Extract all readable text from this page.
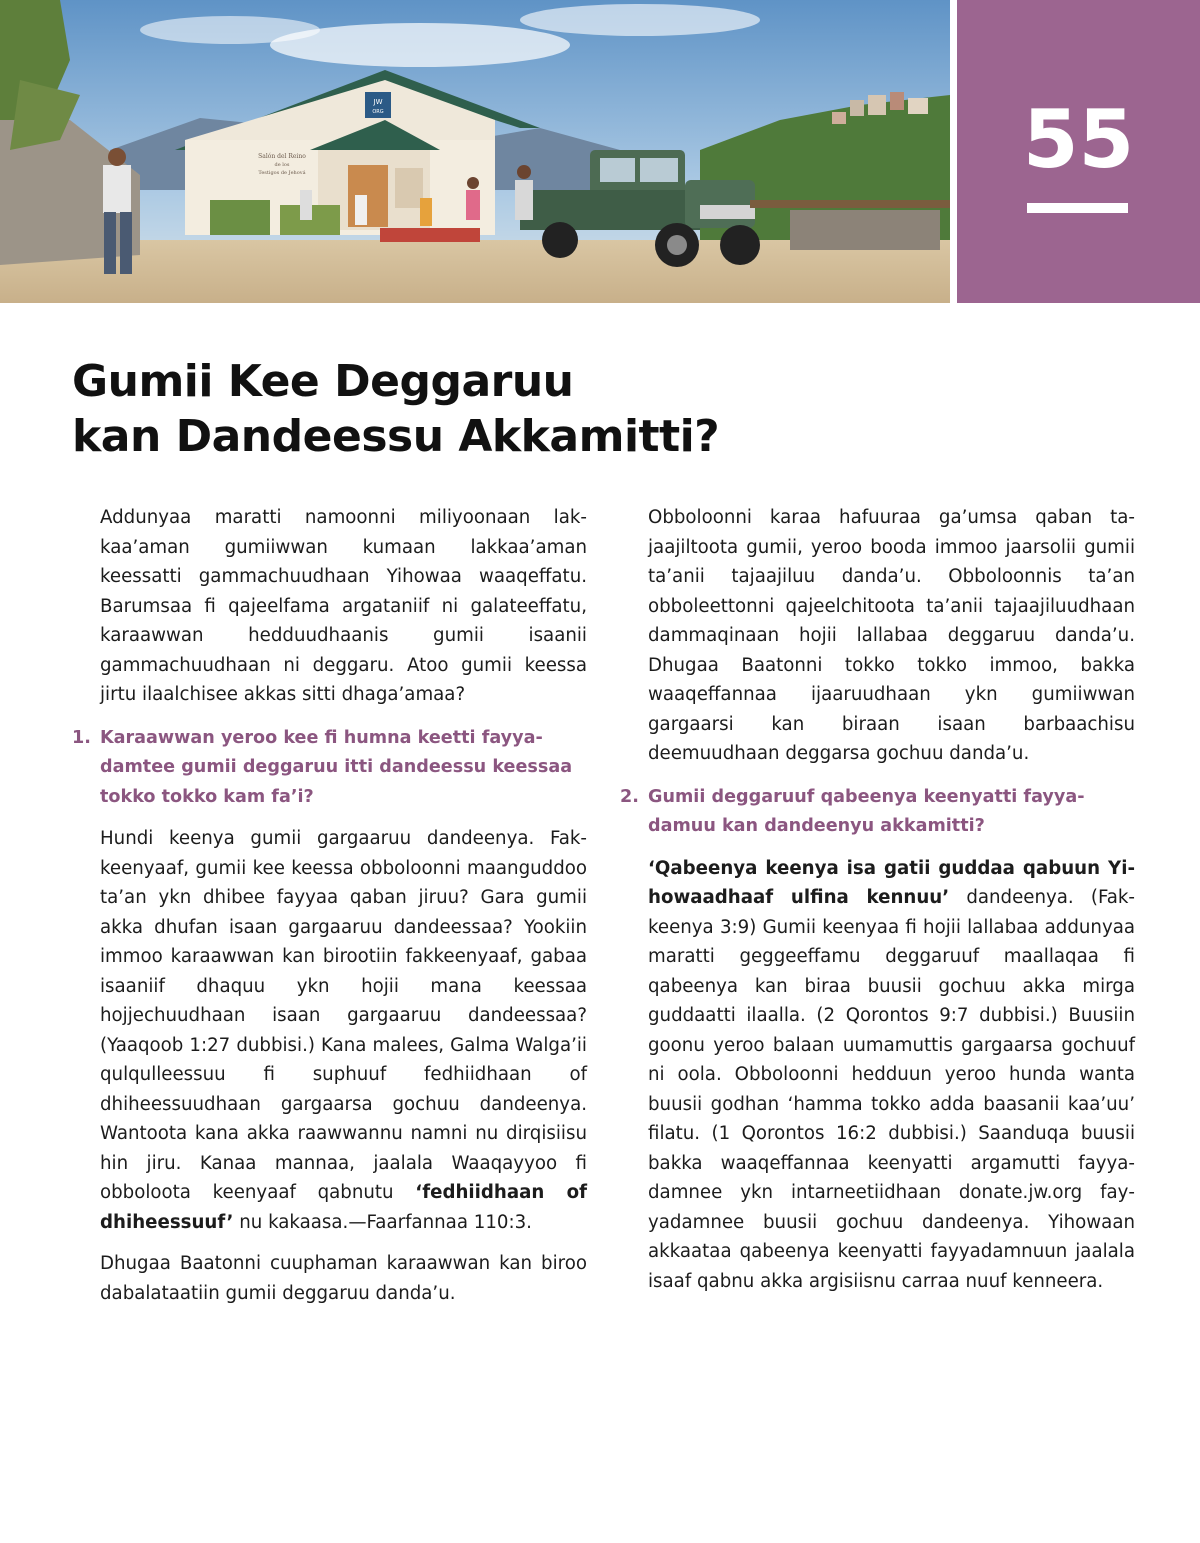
JW
ORG
Salón del Reino
de los
Testigos de Jehová	55
Gumii Kee Deggaruu
kan Dandeessu Akkamitti?

Addunyaa maratti namoonni miliyoonaan lakkaa’aman gumiiwwan kumaan lakkaa’aman keessatti gammachuudhaan Yihowaa waaqeffatu. Barumsaa fi qajeelfama argataniif ni galateeffatu, karaawwan hedduudhaanis gumii isaanii gammachuudhaan ni deggaru. Atoo gumii keessa jirtu ilaalchisee akkas sitti dhaga’amaa?

1. Karaawwan yeroo kee fi humna keetti fayyadamtee gumii deggaruu itti dandeessu keessaa tokko tokko kam fa’i?

Hundi keenya gumii gargaaruu dandeenya. Fakkeenyaaf, gumii kee keessa obboloonni maanguddoo ta’an ykn dhibee fayyaa qaban jiruu? Gara gumii akka dhufan isaan gargaaruu dandeessaa? Yookiin immoo karaawwan kan birootiin fakkeenyaaf, gabaa isaaniif dhaquu ykn hojii mana keessaa hojjechuudhaan isaan gargaaruu dandeessaa? (Yaaqoob 1:27 dubbisi.) Kana malees, Galma Walga’ii qulqulleessuu fi suphuuf fedhiidhaan of dhiheessuudhaan gargaarsa gochuu dandeenya. Wantoota kana akka raawwannu namni nu dirqisiisu hin jiru. Kanaa mannaa, jaalala Waaqayyoo fi obboloota keenyaaf qabnutu ‘fedhiidhaan of dhiheessuuf’ nu kakaasa.—Faarfannaa 110:3.

Dhugaa Baatonni cuuphaman karaawwan kan biroo dabalataatiin gumii deggaruu danda’u.

Obboloonni karaa hafuuraa ga’umsa qaban tajaajiltoota gumii, yeroo booda immoo jaarsolii gumii ta’anii tajaajiluu danda’u. Obboloonnis ta’an obboleettonni qajeelchitoota ta’anii tajaajiluudhaan dammaqinaan hojii lallabaa deggaruu danda’u. Dhugaa Baatonni tokko tokko immoo, bakka waaqeffannaa ijaaruudhaan ykn gumiiwwan gargaarsi kan biraan isaan barbaachisu deemuudhaan deggarsa gochuu danda’u.

2. Gumii deggaruuf qabeenya keenyatti fayyadamuu kan dandeenyu akkamitti?

‘Qabeenya keenya isa gatii guddaa qabuun Yihowaadhaaf ulfina kennuu’ dandeenya. (Fakkeenya 3:9) Gumii keenyaa fi hojii lallabaa addunyaa maratti geggeeffamu deggaruuf maallaqaa fi qabeenya kan biraa buusii gochuu akka mirga guddaatti ilaalla. (2 Qorontos 9:7 dubbisi.) Buusiin goonu yeroo balaan uumamuttis gargaarsa gochuuf ni oola. Obboloonni hedduun yeroo hunda wanta buusii godhan ‘hamma tokko adda baasanii kaa’uu’ filatu. (1 Qorontos 16:2 dubbisi.) Saanduqa buusii bakka waaqeffannaa keenyatti argamutti fayyadamnee ykn intarneetiidhaan donate.jw.org fayyadamnee buusii gochuu dandeenya. Yihowaan akkaataa qabeenya keenyatti fayyadamnuun jaalala isaaf qabnu akka argisiisnu carraa nuuf kenneera.
